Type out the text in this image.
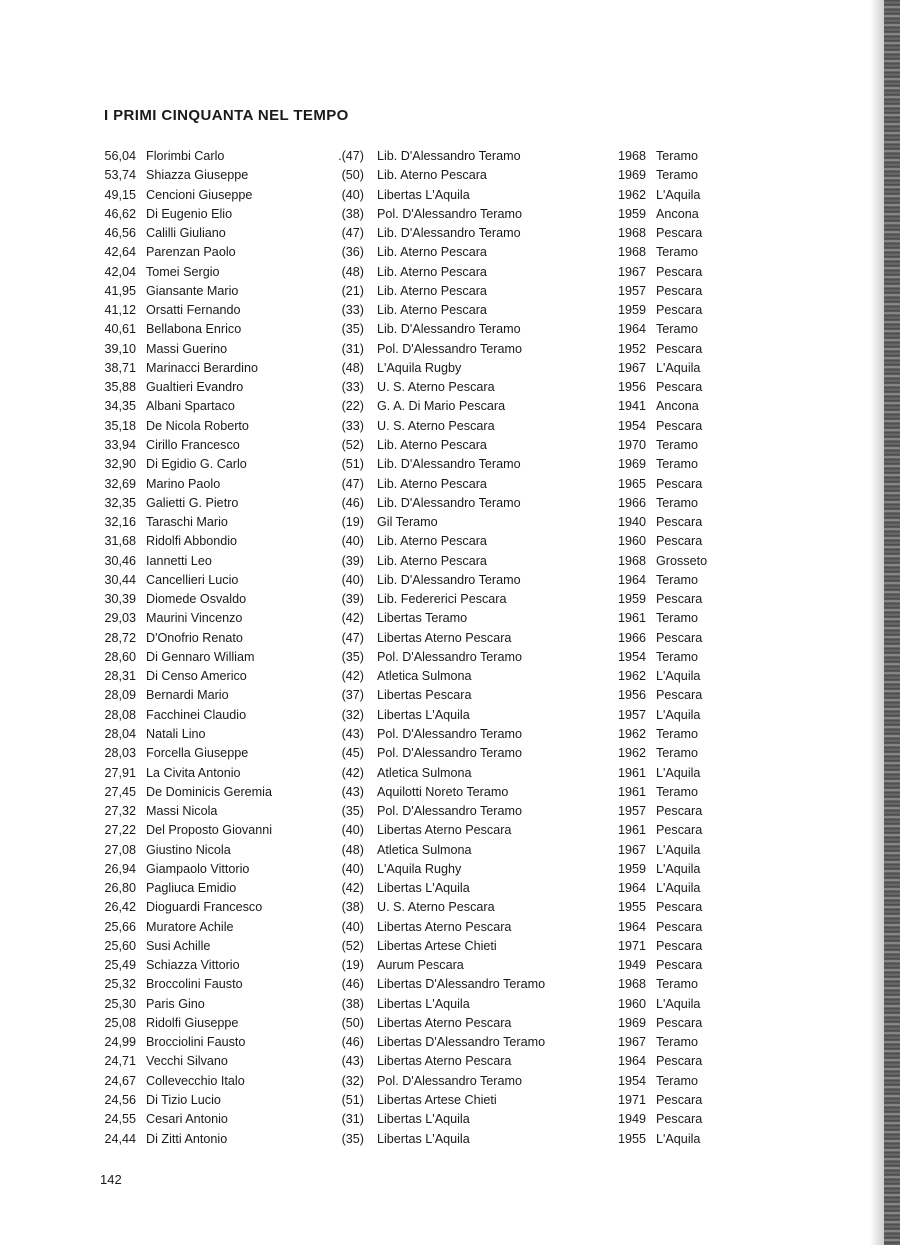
I PRIMI CINQUANTA NEL TEMPO
56,04 Florimbi Carlo	.(47) Lib. D'Alessandro Teramo	1968 Teramo
53,74 Shiazza Giuseppe	(50) Lib. Aterno Pescara	1969 Teramo
49,15 Cencioni Giuseppe	(40) Libertas L'Aquila	1962 L'Aquila
46,62 Di Eugenio Elio	(38) Pol. D'Alessandro Teramo	1959 Ancona
46,56 Calilli Giuliano	(47) Lib. D'Alessandro Teramo	1968 Pescara
42,64 Parenzan Paolo	(36) Lib. Aterno Pescara	1968 Teramo
42,04 Tomei Sergio	(48) Lib. Aterno Pescara	1967 Pescara
41,95 Giansante Mario	(21) Lib. Aterno Pescara	1957 Pescara
41,12 Orsatti Fernando	(33) Lib. Aterno Pescara	1959 Pescara
40,61 Bellabona Enrico	(35) Lib. D'Alessandro Teramo	1964 Teramo
39,10 Massi Guerino	(31) Pol. D'Alessandro Teramo	1952 Pescara
38,71 Marinacci Berardino	(48) L'Aquila Rugby	1967 L'Aquila
35,88 Gualtieri Evandro	(33) U. S. Aterno Pescara	1956 Pescara
34,35 Albani Spartaco	(22) G. A. Di Mario Pescara	1941 Ancona
35,18 De Nicola Roberto	(33) U. S. Aterno Pescara	1954 Pescara
33,94 Cirillo Francesco	(52) Lib. Aterno Pescara	1970 Teramo
32,90 Di Egidio G. Carlo	(51) Lib. D'Alessandro Teramo	1969 Teramo
32,69 Marino Paolo	(47) Lib. Aterno Pescara	1965 Pescara
32,35 Galietti G. Pietro	(46) Lib. D'Alessandro Teramo	1966 Teramo
32,16 Taraschi Mario	(19) Gil Teramo	1940 Pescara
31,68 Ridolfi Abbondio	(40) Lib. Aterno Pescara	1960 Pescara
30,46 Iannetti Leo	(39) Lib. Aterno Pescara	1968 Grosseto
30,44 Cancellieri Lucio	(40) Lib. D'Alessandro Teramo	1964 Teramo
30,39 Diomede Osvaldo	(39) Lib. Federerici Pescara	1959 Pescara
29,03 Maurini Vincenzo	(42) Libertas Teramo	1961 Teramo
28,72 D'Onofrio Renato	(47) Libertas Aterno Pescara	1966 Pescara
28,60 Di Gennaro William	(35) Pol. D'Alessandro Teramo	1954 Teramo
28,31 Di Censo Americo	(42) Atletica Sulmona	1962 L'Aquila
28,09 Bernardi Mario	(37) Libertas Pescara	1956 Pescara
28,08 Facchinei Claudio	(32) Libertas L'Aquila	1957 L'Aquila
28,04 Natali Lino	(43) Pol. D'Alessandro Teramo	1962 Teramo
28,03 Forcella Giuseppe	(45) Pol. D'Alessandro Teramo	1962 Teramo
27,91 La Civita Antonio	(42) Atletica Sulmona	1961 L'Aquila
27,45 De Dominicis Geremia	(43) Aquilotti Noreto Teramo	1961 Teramo
27,32 Massi Nicola	(35) Pol. D'Alessandro Teramo	1957 Pescara
27,22 Del Proposto Giovanni	(40) Libertas Aterno Pescara	1961 Pescara
27,08 Giustino Nicola	(48) Atletica Sulmona	1967 L'Aquila
26,94 Giampaolo Vittorio	(40) L'Aquila Rughy	1959 L'Aquila
26,80 Pagliuca Emidio	(42) Libertas L'Aquila	1964 L'Aquila
26,42 Dioguardi Francesco	(38) U. S. Aterno Pescara	1955 Pescara
25,66 Muratore Achile	(40) Libertas Aterno Pescara	1964 Pescara
25,60 Susi Achille	(52) Libertas Artese Chieti	1971 Pescara
25,49 Schiazza Vittorio	(19) Aurum Pescara	1949 Pescara
25,32 Broccolini Fausto	(46) Libertas D'Alessandro Teramo	1968 Teramo
25,30 Paris Gino	(38) Libertas L'Aquila	1960 L'Aquila
25,08 Ridolfi Giuseppe	(50) Libertas Aterno Pescara	1969 Pescara
24,99 Brocciolini Fausto	(46) Libertas D'Alessandro Teramo	1967 Teramo
24,71 Vecchi Silvano	(43) Libertas Aterno Pescara	1964 Pescara
24,67 Collevecchio Italo	(32) Pol. D'Alessandro Teramo	1954 Teramo
24,56 Di Tizio Lucio	(51) Libertas Artese Chieti	1971 Pescara
24,55 Cesari Antonio	(31) Libertas L'Aquila	1949 Pescara
24,44 Di Zitti Antonio	(35) Libertas L'Aquila	1955 L'Aquila
142
